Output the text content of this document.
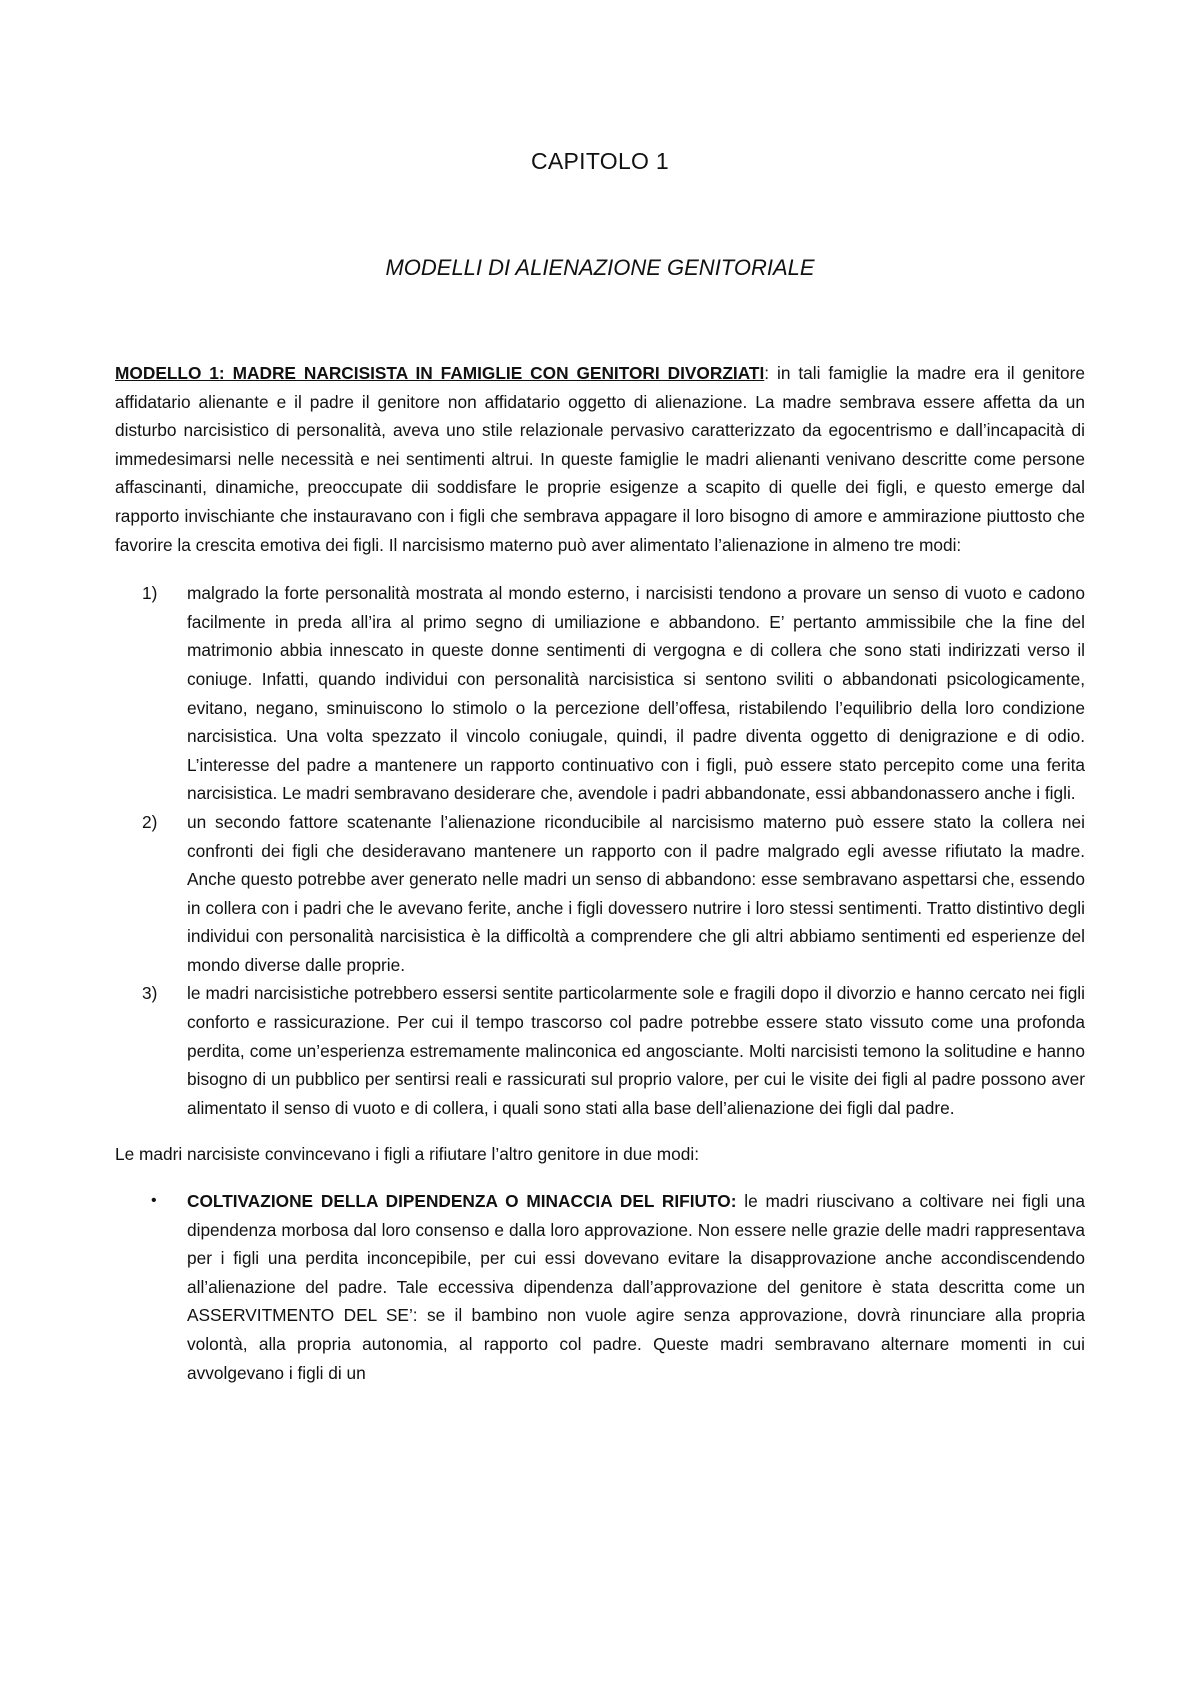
CAPITOLO 1
MODELLI DI ALIENAZIONE GENITORIALE

MODELLO 1: MADRE NARCISISTA IN FAMIGLIE CON GENITORI DIVORZIATI: in tali famiglie la madre era il genitore affidatario alienante e il padre il genitore non affidatario oggetto di alienazione. La madre sembrava essere affetta da un disturbo narcisistico di personalità, aveva uno stile relazionale pervasivo caratterizzato da egocentrismo e dall’incapacità di immedesimarsi nelle necessità e nei sentimenti altrui. In queste famiglie le madri alienanti venivano descritte come persone affascinanti, dinamiche, preoccupate dii soddisfare le proprie esigenze a scapito di quelle dei figli, e questo emerge dal rapporto invischiante che instauravano con i figli che sembrava appagare il loro bisogno di amore e ammirazione piuttosto che favorire la crescita emotiva dei figli. Il narcisismo materno può aver alimentato l’alienazione in almeno tre modi:

1) malgrado la forte personalità mostrata al mondo esterno, i narcisisti tendono a provare un senso di vuoto e cadono facilmente in preda all’ira al primo segno di umiliazione e abbandono. E’ pertanto ammissibile che la fine del matrimonio abbia innescato in queste donne sentimenti di vergogna e di collera che sono stati indirizzati verso il coniuge. Infatti, quando individui con personalità narcisistica si sentono sviliti o abbandonati psicologicamente, evitano, negano, sminuiscono lo stimolo o la percezione dell’offesa, ristabilendo l’equilibrio della loro condizione narcisistica. Una volta spezzato il vincolo coniugale, quindi, il padre diventa oggetto di denigrazione e di odio. L’interesse del padre a mantenere un rapporto continuativo con i figli, può essere stato percepito come una ferita narcisistica. Le madri sembravano desiderare che, avendole i padri abbandonate, essi abbandonassero anche i figli.
2) un secondo fattore scatenante l’alienazione riconducibile al narcisismo materno può essere stato la collera nei confronti dei figli che desideravano mantenere un rapporto con il padre malgrado egli avesse rifiutato la madre. Anche questo potrebbe aver generato nelle madri un senso di abbandono: esse sembravano aspettarsi che, essendo in collera con i padri che le avevano ferite, anche i figli dovessero nutrire i loro stessi sentimenti. Tratto distintivo degli individui con personalità narcisistica è la difficoltà a comprendere che gli altri abbiamo sentimenti ed esperienze del mondo diverse dalle proprie.
3) le madri narcisistiche potrebbero essersi sentite particolarmente sole e fragili dopo il divorzio e hanno cercato nei figli conforto e rassicurazione. Per cui il tempo trascorso col padre potrebbe essere stato vissuto come una profonda perdita, come un’esperienza estremamente malinconica ed angosciante. Molti narcisisti temono la solitudine e hanno bisogno di un pubblico per sentirsi reali e rassicurati sul proprio valore, per cui le visite dei figli al padre possono aver alimentato il senso di vuoto e di collera, i quali sono stati alla base dell’alienazione dei figli dal padre.

Le madri narcisiste convincevano i figli a rifiutare l’altro genitore in due modi:

• COLTIVAZIONE DELLA DIPENDENZA O MINACCIA DEL RIFIUTO: le madri riuscivano a coltivare nei figli una dipendenza morbosa dal loro consenso e dalla loro approvazione. Non essere nelle grazie delle madri rappresentava per i figli una perdita inconcepibile, per cui essi dovevano evitare la disapprovazione anche accondiscendendo all’alienazione del padre. Tale eccessiva dipendenza dall’approvazione del genitore è stata descritta come un ASSERVITMENTO DEL SE’: se il bambino non vuole agire senza approvazione, dovrà rinunciare alla propria volontà, alla propria autonomia, al rapporto col padre. Queste madri sembravano alternare momenti in cui avvolgevano i figli di un
